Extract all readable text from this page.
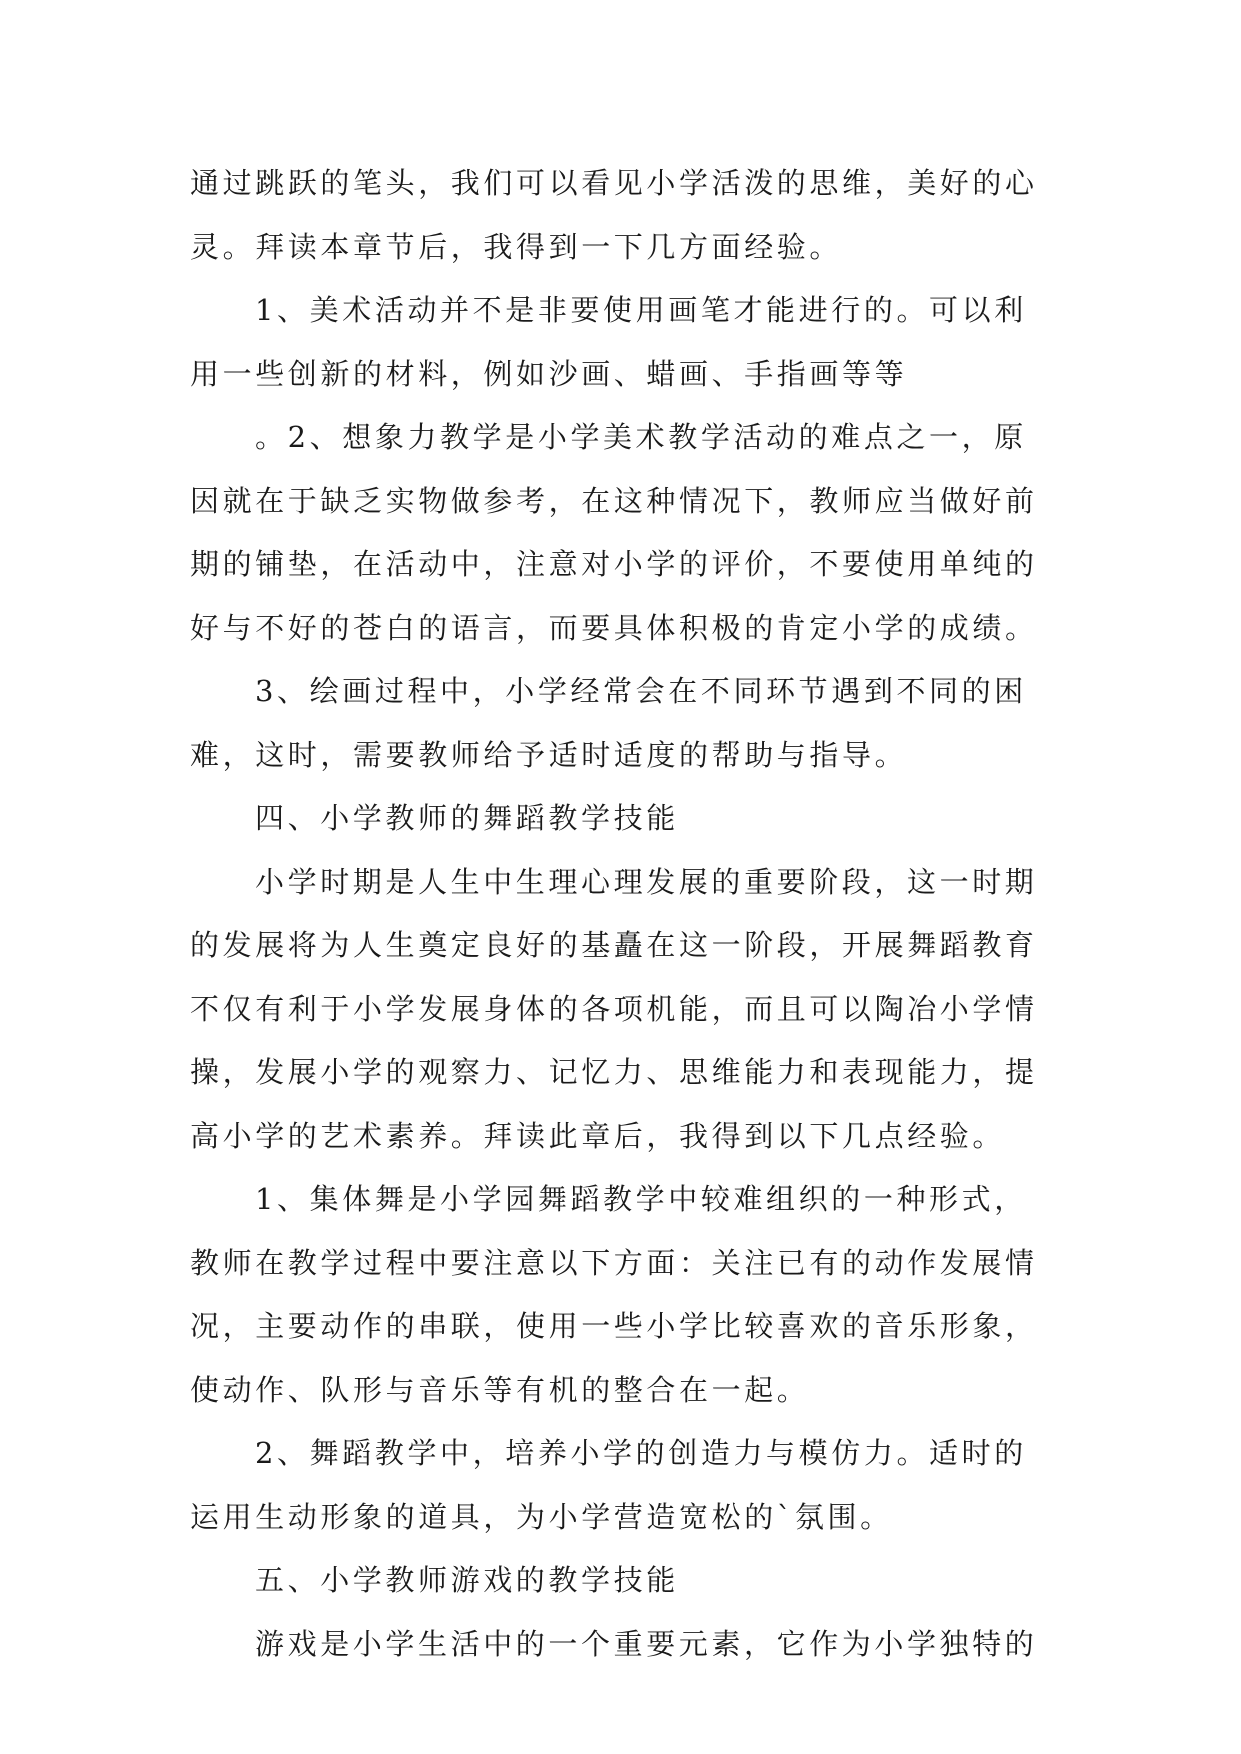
通过跳跃的笔头，我们可以看见小学活泼的思维，美好的心
灵。拜读本章节后，我得到一下几方面经验。
1、美术活动并不是非要使用画笔才能进行的。可以利
用一些创新的材料，例如沙画、蜡画、手指画等等
。2、想象力教学是小学美术教学活动的难点之一，原
因就在于缺乏实物做参考，在这种情况下，教师应当做好前
期的铺垫，在活动中，注意对小学的评价，不要使用单纯的
好与不好的苍白的语言，而要具体积极的肯定小学的成绩。
3、绘画过程中，小学经常会在不同环节遇到不同的困
难，这时，需要教师给予适时适度的帮助与指导。
四、小学教师的舞蹈教学技能
小学时期是人生中生理心理发展的重要阶段，这一时期
的发展将为人生奠定良好的基矗在这一阶段，开展舞蹈教育
不仅有利于小学发展身体的各项机能，而且可以陶冶小学情
操，发展小学的观察力、记忆力、思维能力和表现能力，提
高小学的艺术素养。拜读此章后，我得到以下几点经验。
1、集体舞是小学园舞蹈教学中较难组织的一种形式，
教师在教学过程中要注意以下方面：关注已有的动作发展情
况，主要动作的串联，使用一些小学比较喜欢的音乐形象，
使动作、队形与音乐等有机的整合在一起。
2、舞蹈教学中，培养小学的创造力与模仿力。适时的
运用生动形象的道具，为小学营造宽松的`氛围。
五、小学教师游戏的教学技能
游戏是小学生活中的一个重要元素，它作为小学独特的
